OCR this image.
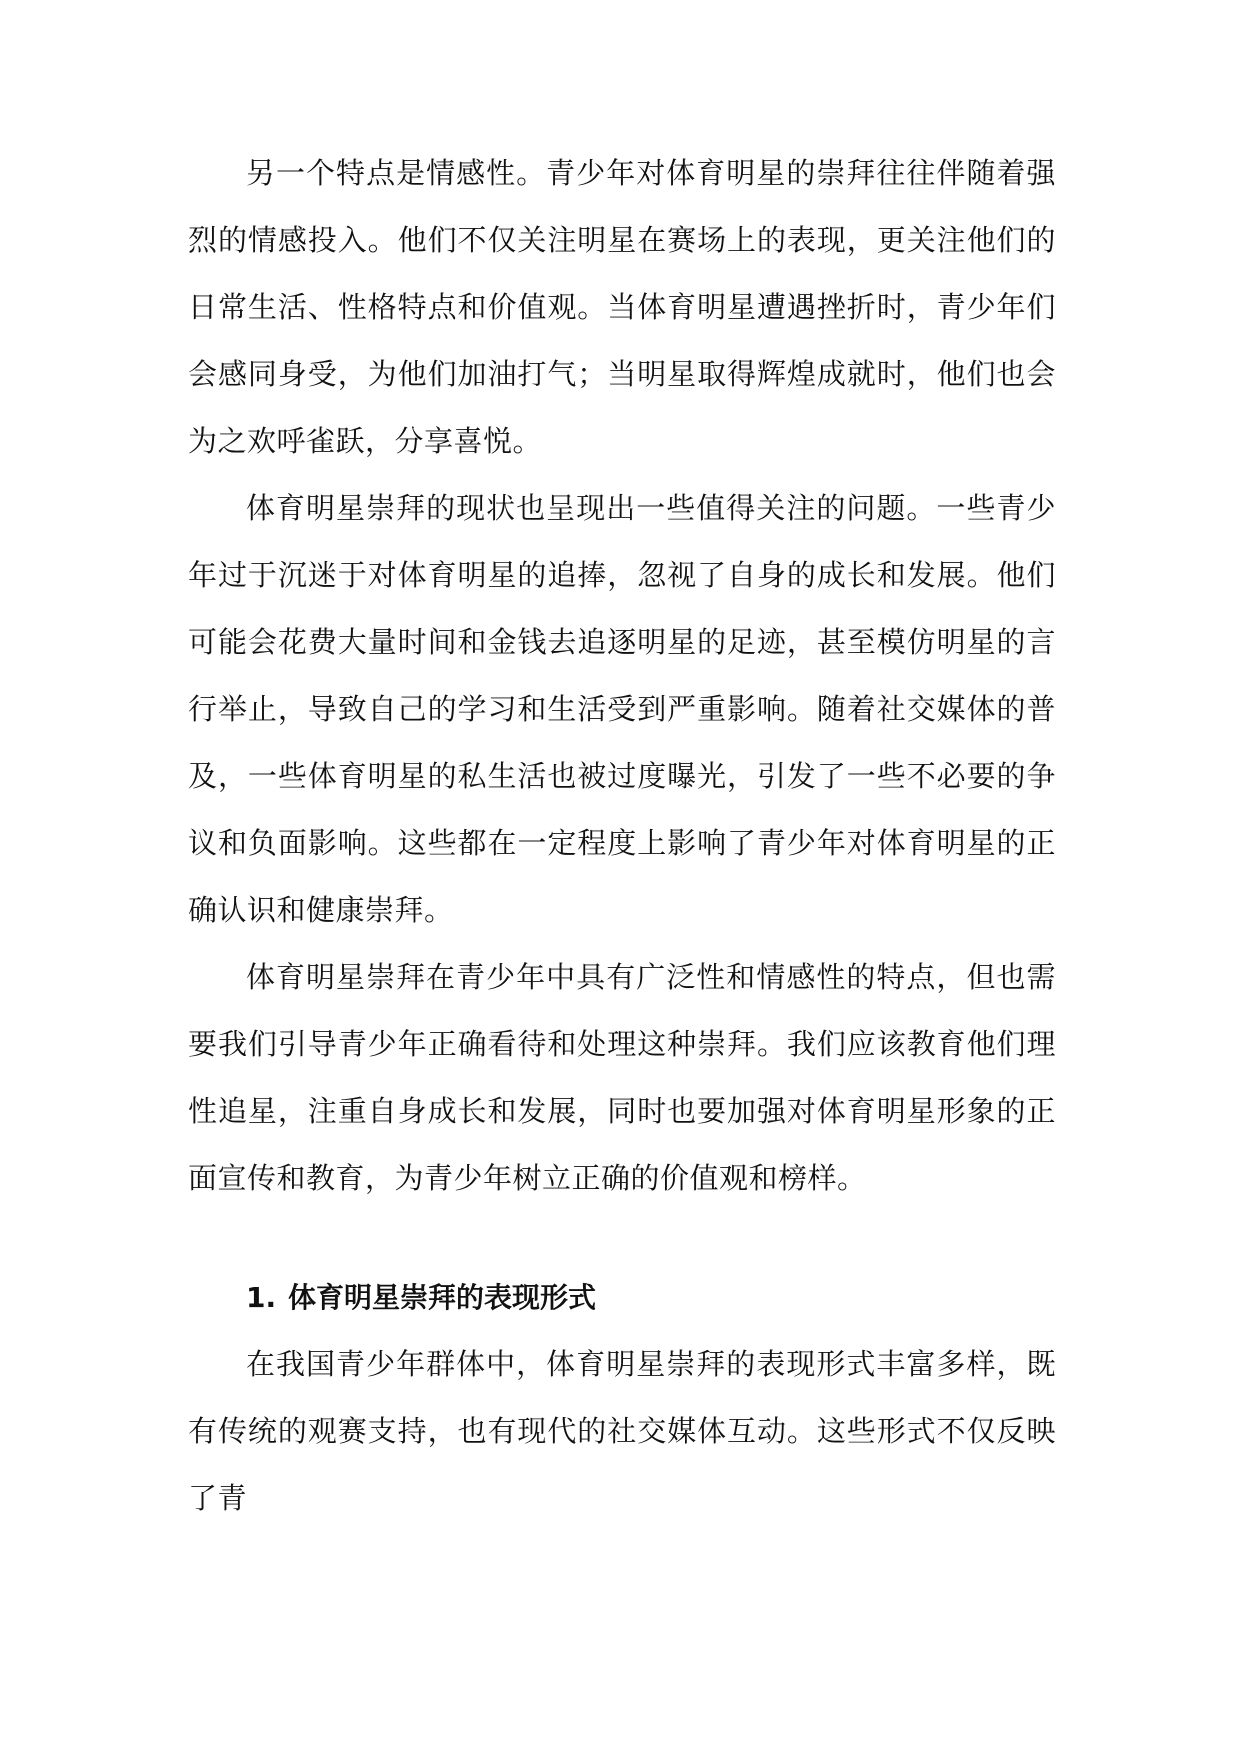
另一个特点是情感性。青少年对体育明星的崇拜往往伴随着强烈的情感投入。他们不仅关注明星在赛场上的表现，更关注他们的日常生活、性格特点和价值观。当体育明星遭遇挫折时，青少年们会感同身受，为他们加油打气；当明星取得辉煌成就时，他们也会为之欢呼雀跃，分享喜悦。

体育明星崇拜的现状也呈现出一些值得关注的问题。一些青少年过于沉迷于对体育明星的追捧，忽视了自身的成长和发展。他们可能会花费大量时间和金钱去追逐明星的足迹，甚至模仿明星的言行举止，导致自己的学习和生活受到严重影响。随着社交媒体的普及，一些体育明星的私生活也被过度曝光，引发了一些不必要的争议和负面影响。这些都在一定程度上影响了青少年对体育明星的正确认识和健康崇拜。

体育明星崇拜在青少年中具有广泛性和情感性的特点，但也需要我们引导青少年正确看待和处理这种崇拜。我们应该教育他们理性追星，注重自身成长和发展，同时也要加强对体育明星形象的正面宣传和教育，为青少年树立正确的价值观和榜样。

1. 体育明星崇拜的表现形式

在我国青少年群体中，体育明星崇拜的表现形式丰富多样，既有传统的观赛支持，也有现代的社交媒体互动。这些形式不仅反映了青
